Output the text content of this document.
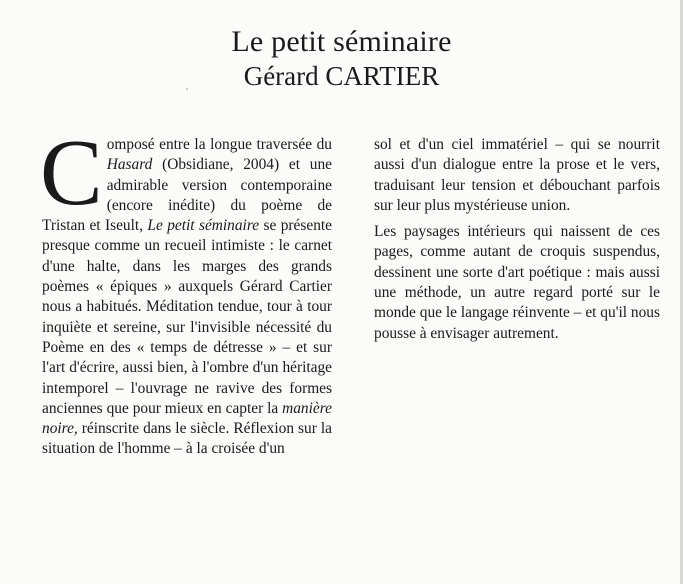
Le petit séminaire
Gérard CARTIER

Composé entre la longue traversée du Hasard (Obsidiane, 2004) et une admirable version contemporaine (encore inédite) du poème de Tristan et Iseult, Le petit séminaire se présente presque comme un recueil intimiste : le carnet d'une halte, dans les marges des grands poèmes « épiques » auxquels Gérard Cartier nous a habitués. Méditation tendue, tour à tour inquiète et sereine, sur l'invisible nécessité du Poème en des « temps de détresse » – et sur l'art d'écrire, aussi bien, à l'ombre d'un héritage intemporel – l'ouvrage ne ravive des formes anciennes que pour mieux en capter la manière noire, réinscrite dans le siècle. Réflexion sur la situation de l'homme – à la croisée d'un

sol et d'un ciel immatériel – qui se nourrit aussi d'un dialogue entre la prose et le vers, traduisant leur tension et débouchant parfois sur leur plus mystérieuse union.

Les paysages intérieurs qui naissent de ces pages, comme autant de croquis suspendus, dessinent une sorte d'art poétique : mais aussi une méthode, un autre regard porté sur le monde que le langage réinvente – et qu'il nous pousse à envisager autrement.
